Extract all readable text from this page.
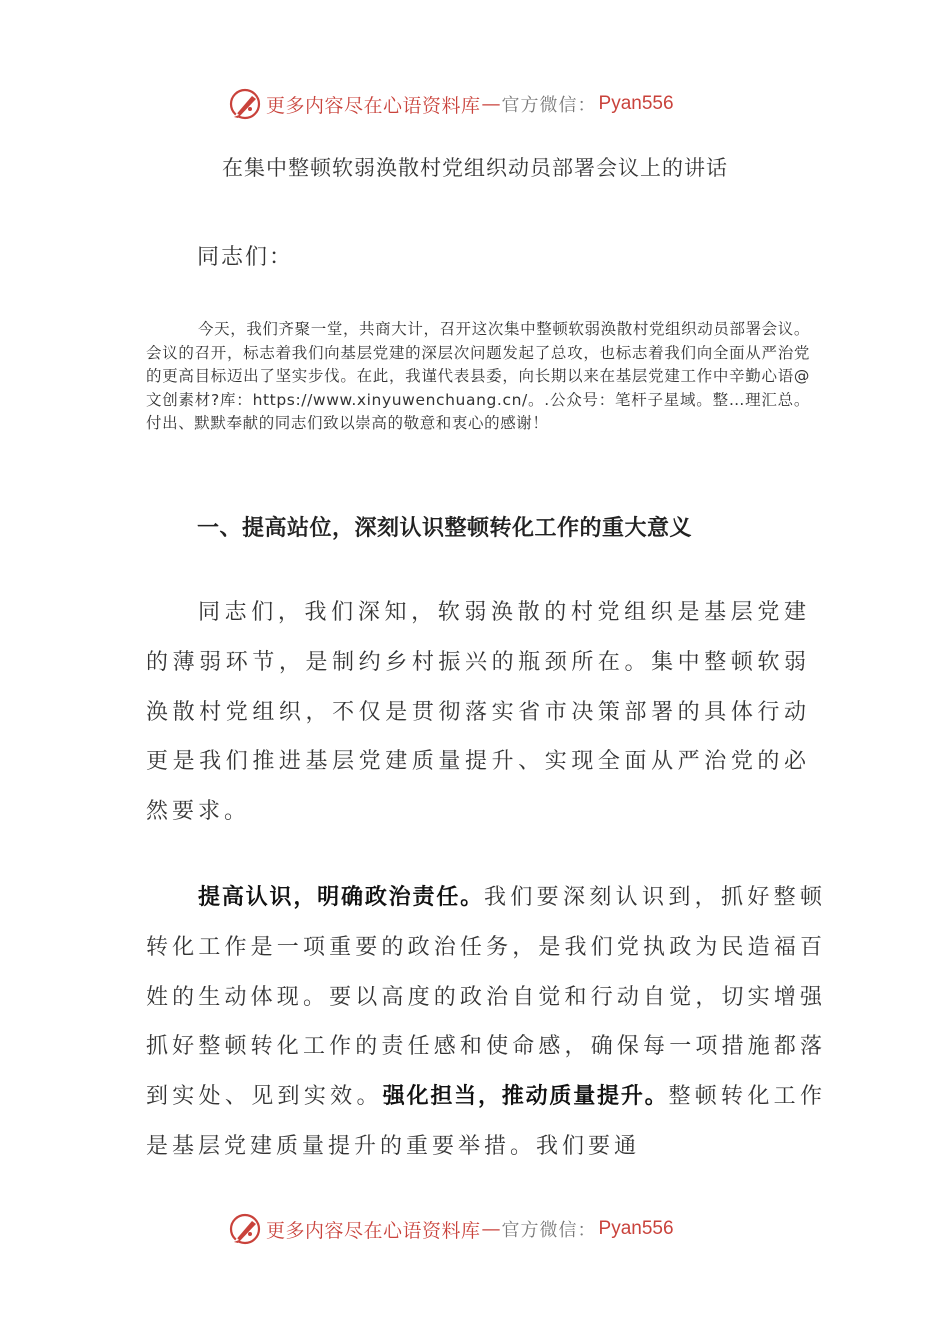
更多内容尽在心语资料库 — 官方微信： Pyan556
在集中整顿软弱涣散村党组织动员部署会议上的讲话
同志们：

今天，我们齐聚一堂，共商大计，召开这次集中整顿软弱涣散村党组织动员部署会议。会议的召开，标志着我们向基层党建的深层次问题发起了总攻，也标志着我们向全面从严治党的更高目标迈出了坚实步伐。在此，我谨代表县委，向长期以来在基层党建工作中辛勤心语@文创素材?库：https://www.xinyuwenchuang.cn/。.公众号：笔杆子星域。整…理汇总。付出、默默奉献的同志们致以崇高的敬意和衷心的感谢！

一、提高站位，深刻认识整顿转化工作的重大意义

同志们，我们深知，软弱涣散的村党组织是基层党建的薄弱环节，是制约乡村振兴的瓶颈所在。集中整顿软弱涣散村党组织，不仅是贯彻落实省市决策部署的具体行动更是我们推进基层党建质量提升、实现全面从严治党的必然要求。

提高认识，明确政治责任。我们要深刻认识到，抓好整顿转化工作是一项重要的政治任务，是我们党执政为民造福百姓的生动体现。要以高度的政治自觉和行动自觉，切实增强抓好整顿转化工作的责任感和使命感，确保每一项措施都落到实处、见到实效。强化担当，推动质量提升。整顿转化工作是基层党建质量提升的重要举措。我们要通

更多内容尽在心语资料库 — 官方微信： Pyan556
